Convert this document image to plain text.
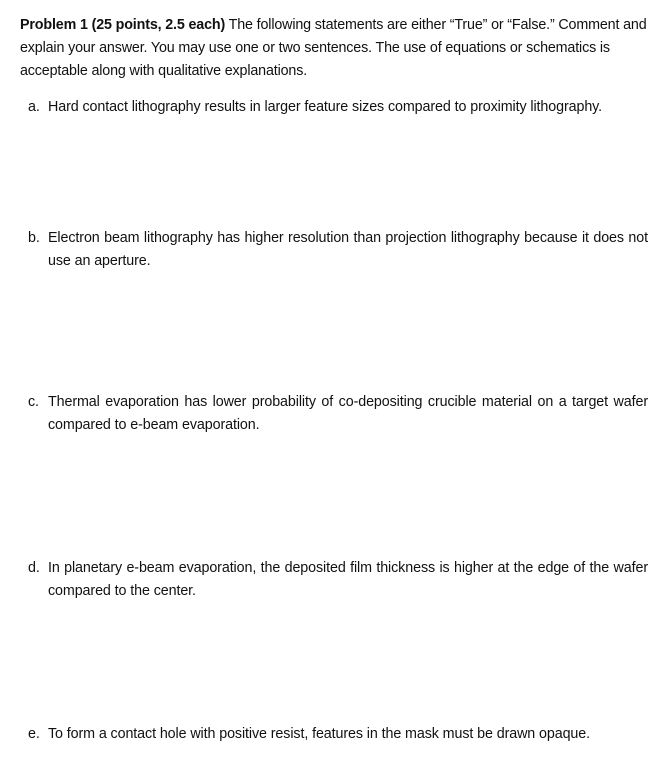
Problem 1 (25 points, 2.5 each) The following statements are either “True” or “False.” Comment and explain your answer. You may use one or two sentences. The use of equations or schematics is acceptable along with qualitative explanations.
a. Hard contact lithography results in larger feature sizes compared to proximity lithography.
b. Electron beam lithography has higher resolution than projection lithography because it does not use an aperture.
c. Thermal evaporation has lower probability of co-depositing crucible material on a target wafer compared to e-beam evaporation.
d. In planetary e-beam evaporation, the deposited film thickness is higher at the edge of the wafer compared to the center.
e. To form a contact hole with positive resist, features in the mask must be drawn opaque.
